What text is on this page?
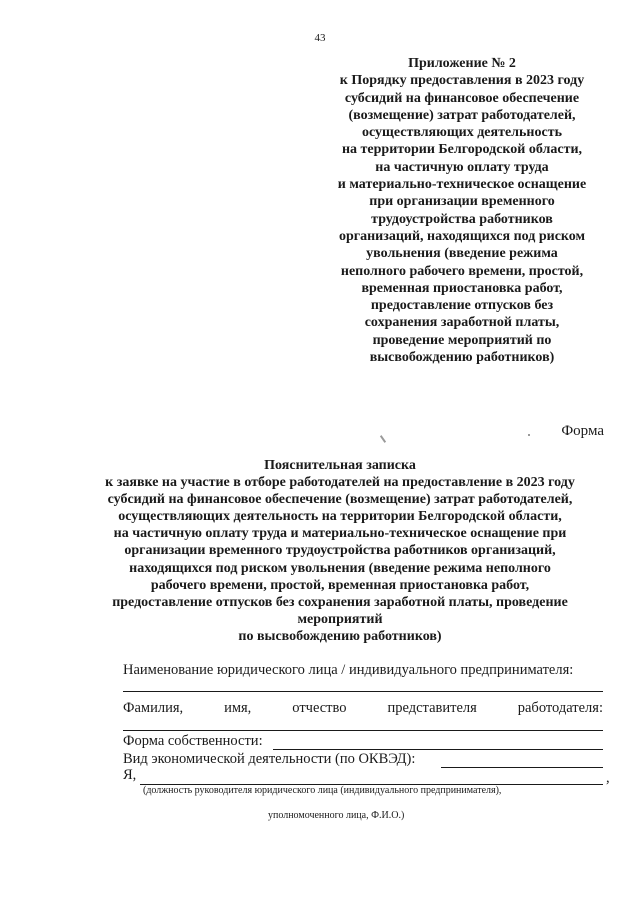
43
Приложение № 2
к Порядку предоставления в 2023 году
субсидий на финансовое обеспечение
(возмещение) затрат работодателей,
осуществляющих деятельность
на территории Белгородской области,
на частичную оплату труда
и материально-техническое оснащение
при организации временного
трудоустройства работников
организаций, находящихся под риском
увольнения (введение режима
неполного рабочего времени, простой,
временная приостановка работ,
предоставление отпусков без
сохранения заработной платы,
проведение мероприятий по
высвобождению работников)
Форма
Пояснительная записка
к заявке на участие в отборе работодателей на предоставление в 2023 году
субсидий на финансовое обеспечение (возмещение) затрат работодателей,
осуществляющих деятельность на территории Белгородской области,
на частичную оплату труда и материально-техническое оснащение при
организации временного трудоустройства работников организаций,
находящихся под риском увольнения (введение режима неполного
рабочего времени, простой, временная приостановка работ,
предоставление отпусков без сохранения заработной платы, проведение
мероприятий
по высвобождению работников)
Наименование юридического лица / индивидуального предпринимателя:
Фамилия,	имя,	отчество	представителя	работодателя:
Форма собственности:
Вид экономической деятельности (по ОКВЭД):
Я,	,
(должность руководителя юридического лица (индивидуального предпринимателя),
уполномоченного лица, Ф.И.О.)
